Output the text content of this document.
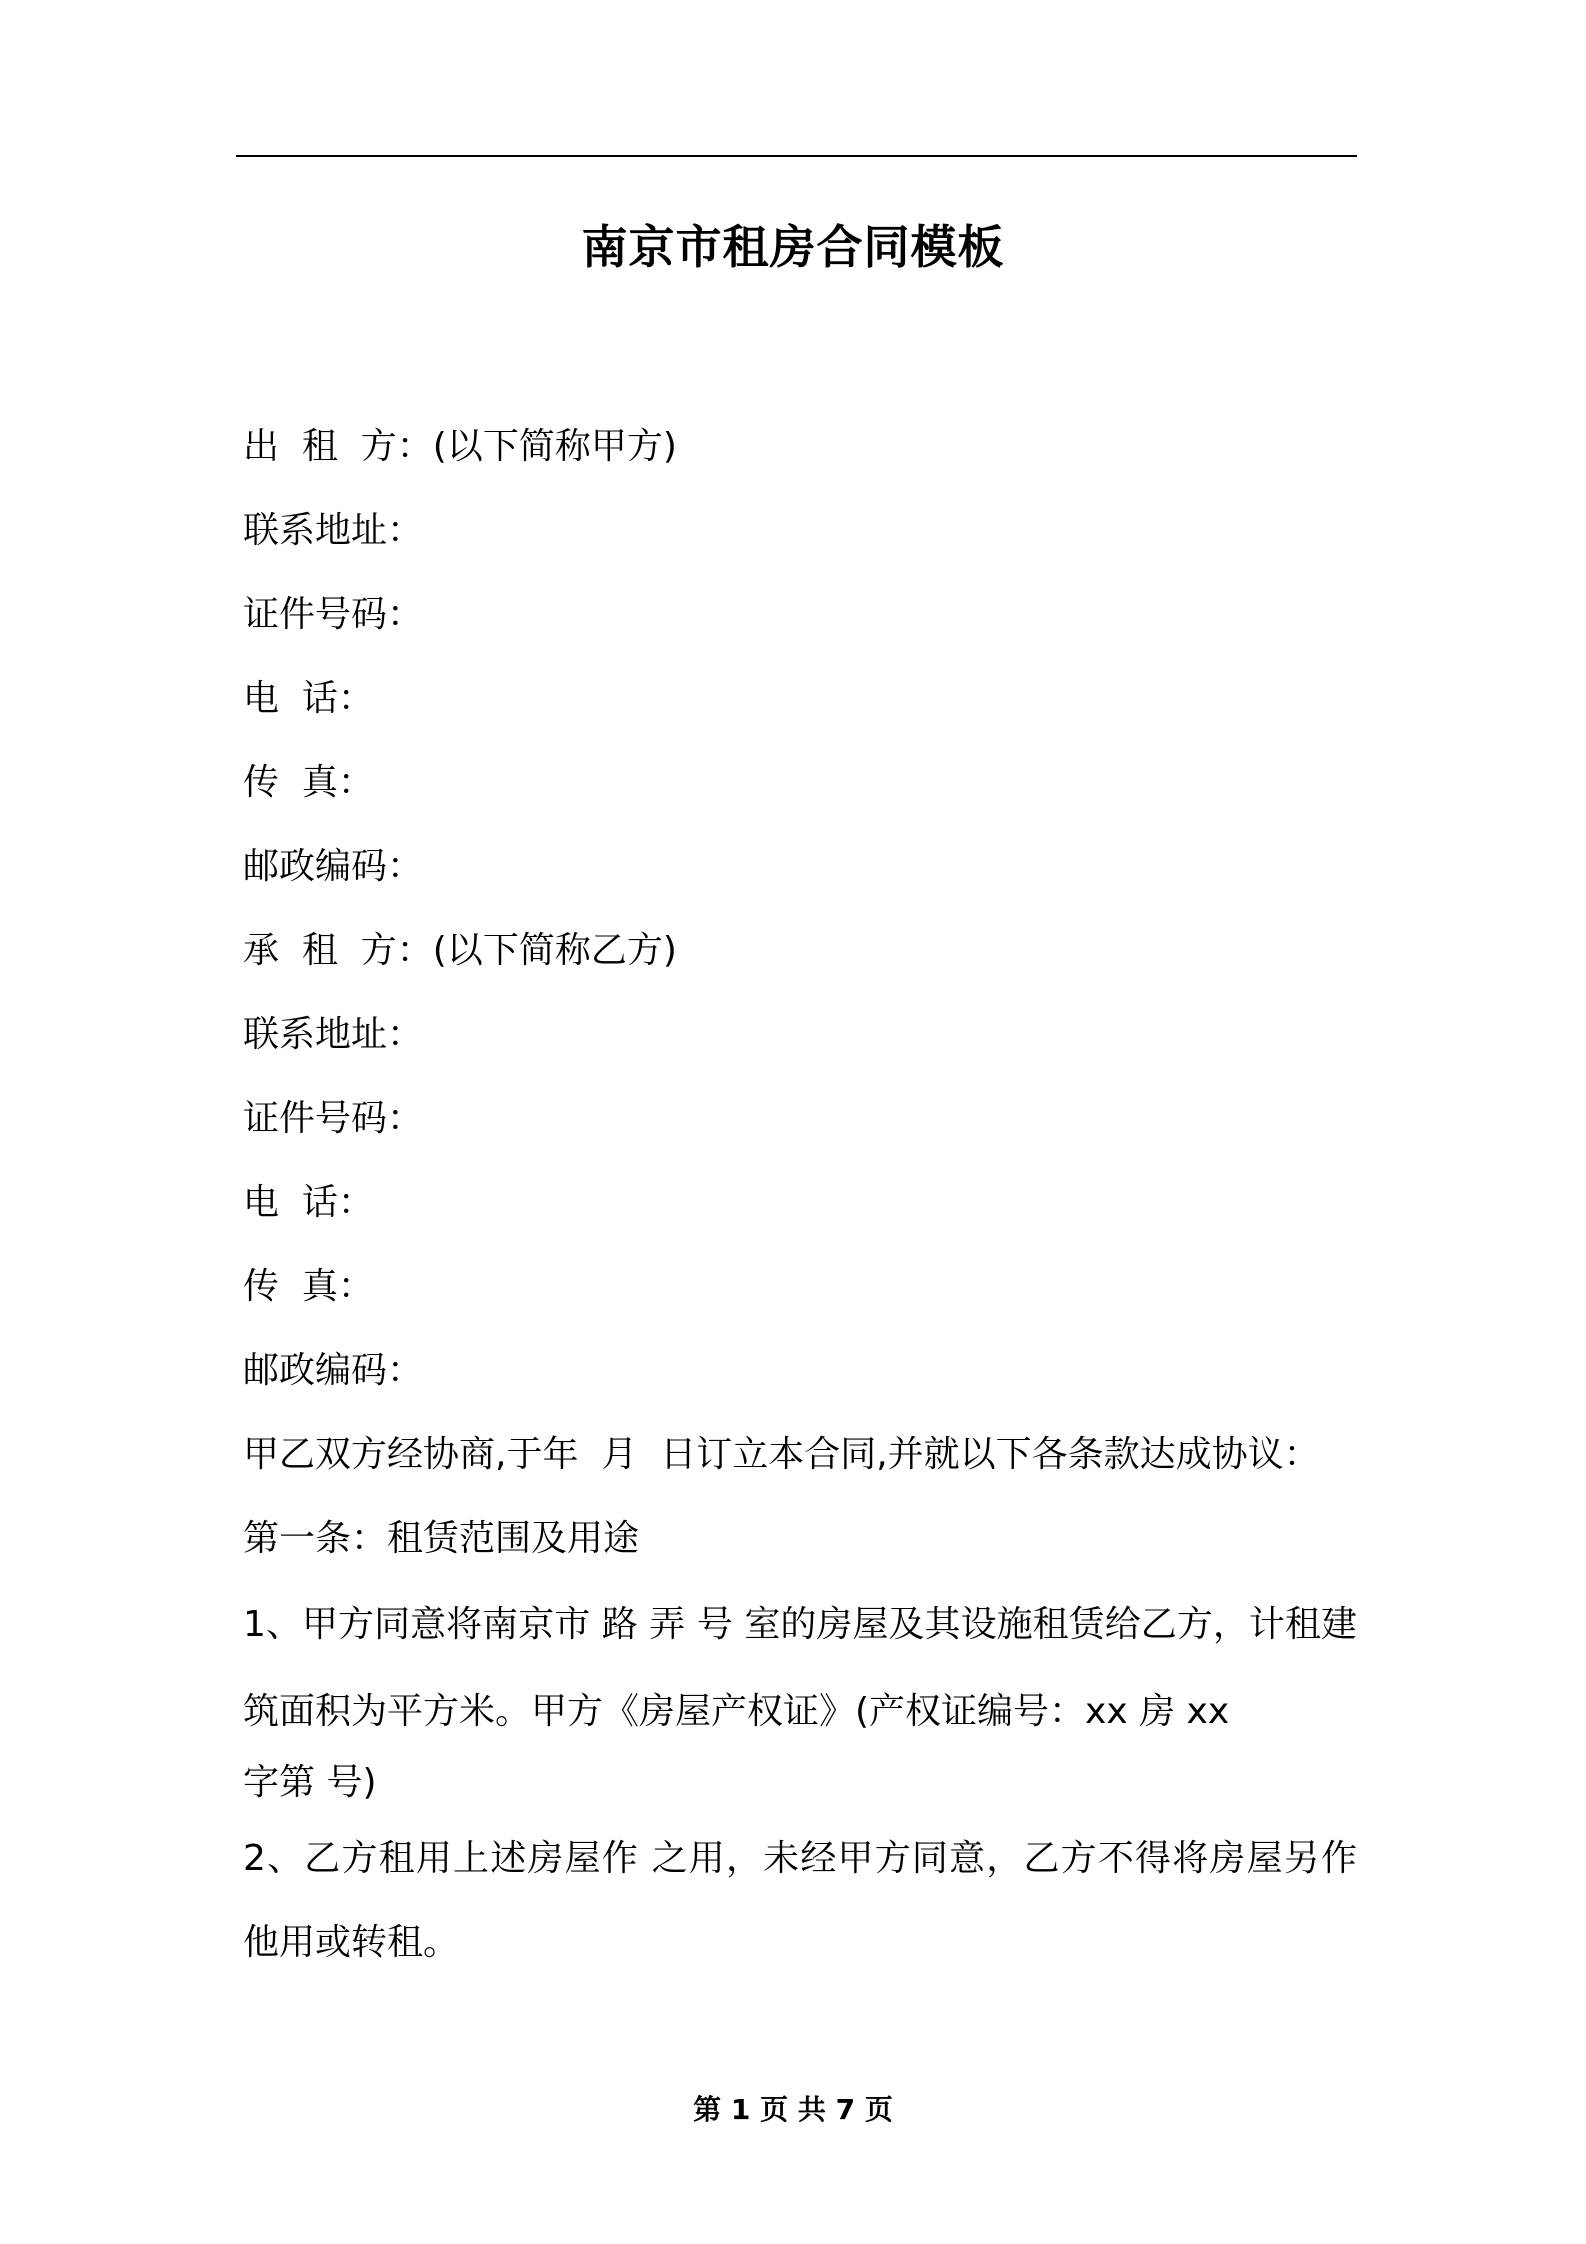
南京市租房合同模板
出  租  方：(以下简称甲方)
联系地址：
证件号码：
电  话：
传  真：
邮政编码：
承  租  方：(以下简称乙方)
联系地址：
证件号码：
电  话：
传  真：
邮政编码：
甲乙双方经协商,于年  月  日订立本合同,并就以下各条款达成协议：
第一条：租赁范围及用途
1、甲方同意将南京市 路 弄 号 室的房屋及其设施租赁给乙方，计租建筑面积为平方米。甲方《房屋产权证》(产权证编号：xx 房 xx
字第 号)
2、乙方租用上述房屋作 之用，未经甲方同意，乙方不得将房屋另作他用或转租。
第 1 页 共 7 页
